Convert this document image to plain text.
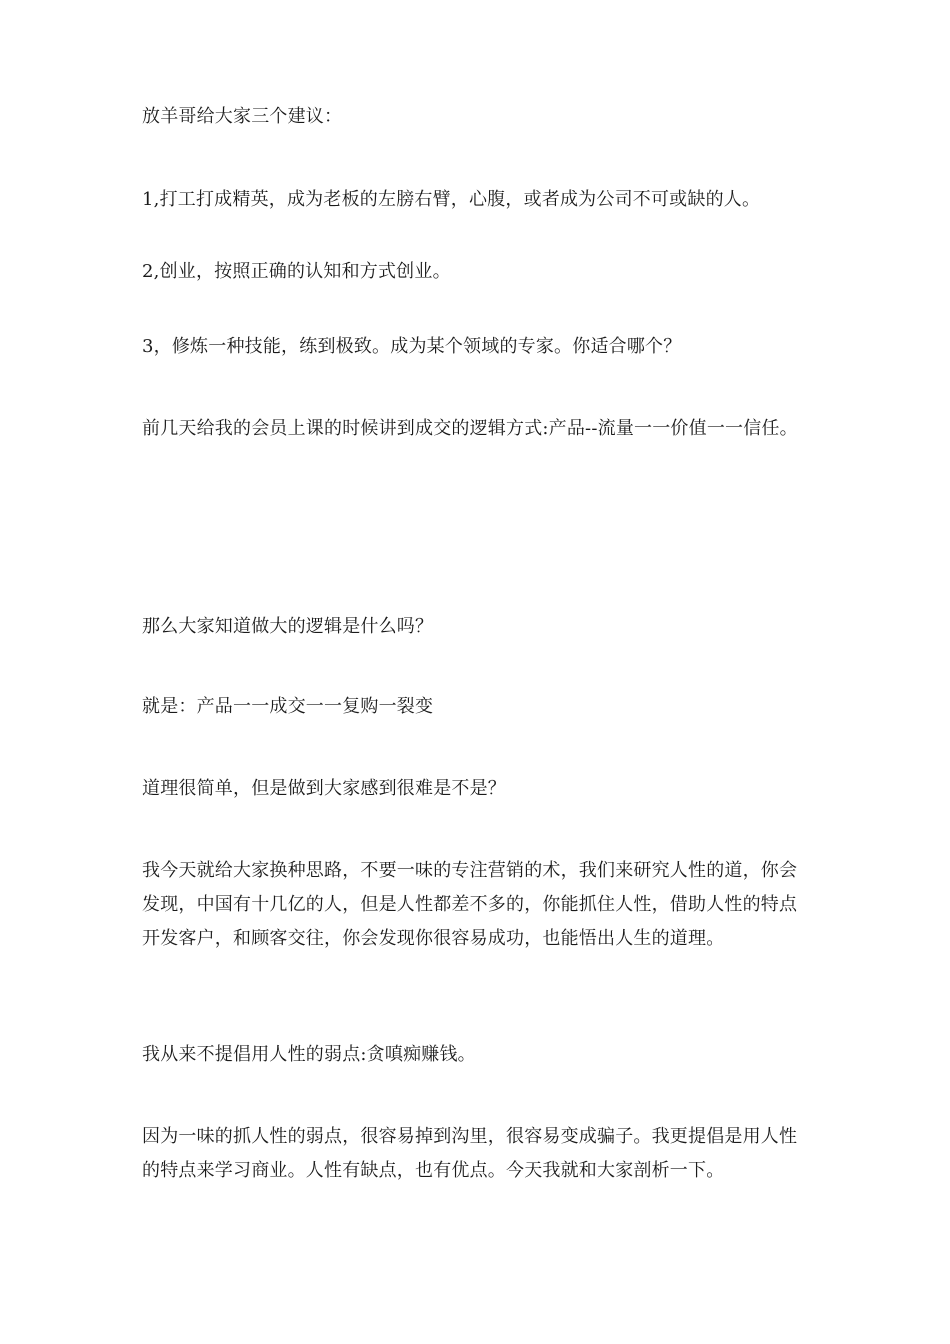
放羊哥给大家三个建议：

1,打工打成精英，成为老板的左膀右臂，心腹，或者成为公司不可或缺的人。

2,创业，按照正确的认知和方式创业。

3，修炼一种技能，练到极致。成为某个领域的专家。你适合哪个？

前几天给我的会员上课的时候讲到成交的逻辑方式:产品--流量一一价值一一信任。

那么大家知道做大的逻辑是什么吗？

就是：产品一一成交一一复购一裂变

道理很简单，但是做到大家感到很难是不是？

我今天就给大家换种思路，不要一味的专注营销的术，我们来研究人性的道，你会发现，中国有十几亿的人，但是人性都差不多的，你能抓住人性，借助人性的特点开发客户，和顾客交往，你会发现你很容易成功，也能悟出人生的道理。

我从来不提倡用人性的弱点:贪嗔痴赚钱。

因为一味的抓人性的弱点，很容易掉到沟里，很容易变成骗子。我更提倡是用人性的特点来学习商业。人性有缺点，也有优点。今天我就和大家剖析一下。
